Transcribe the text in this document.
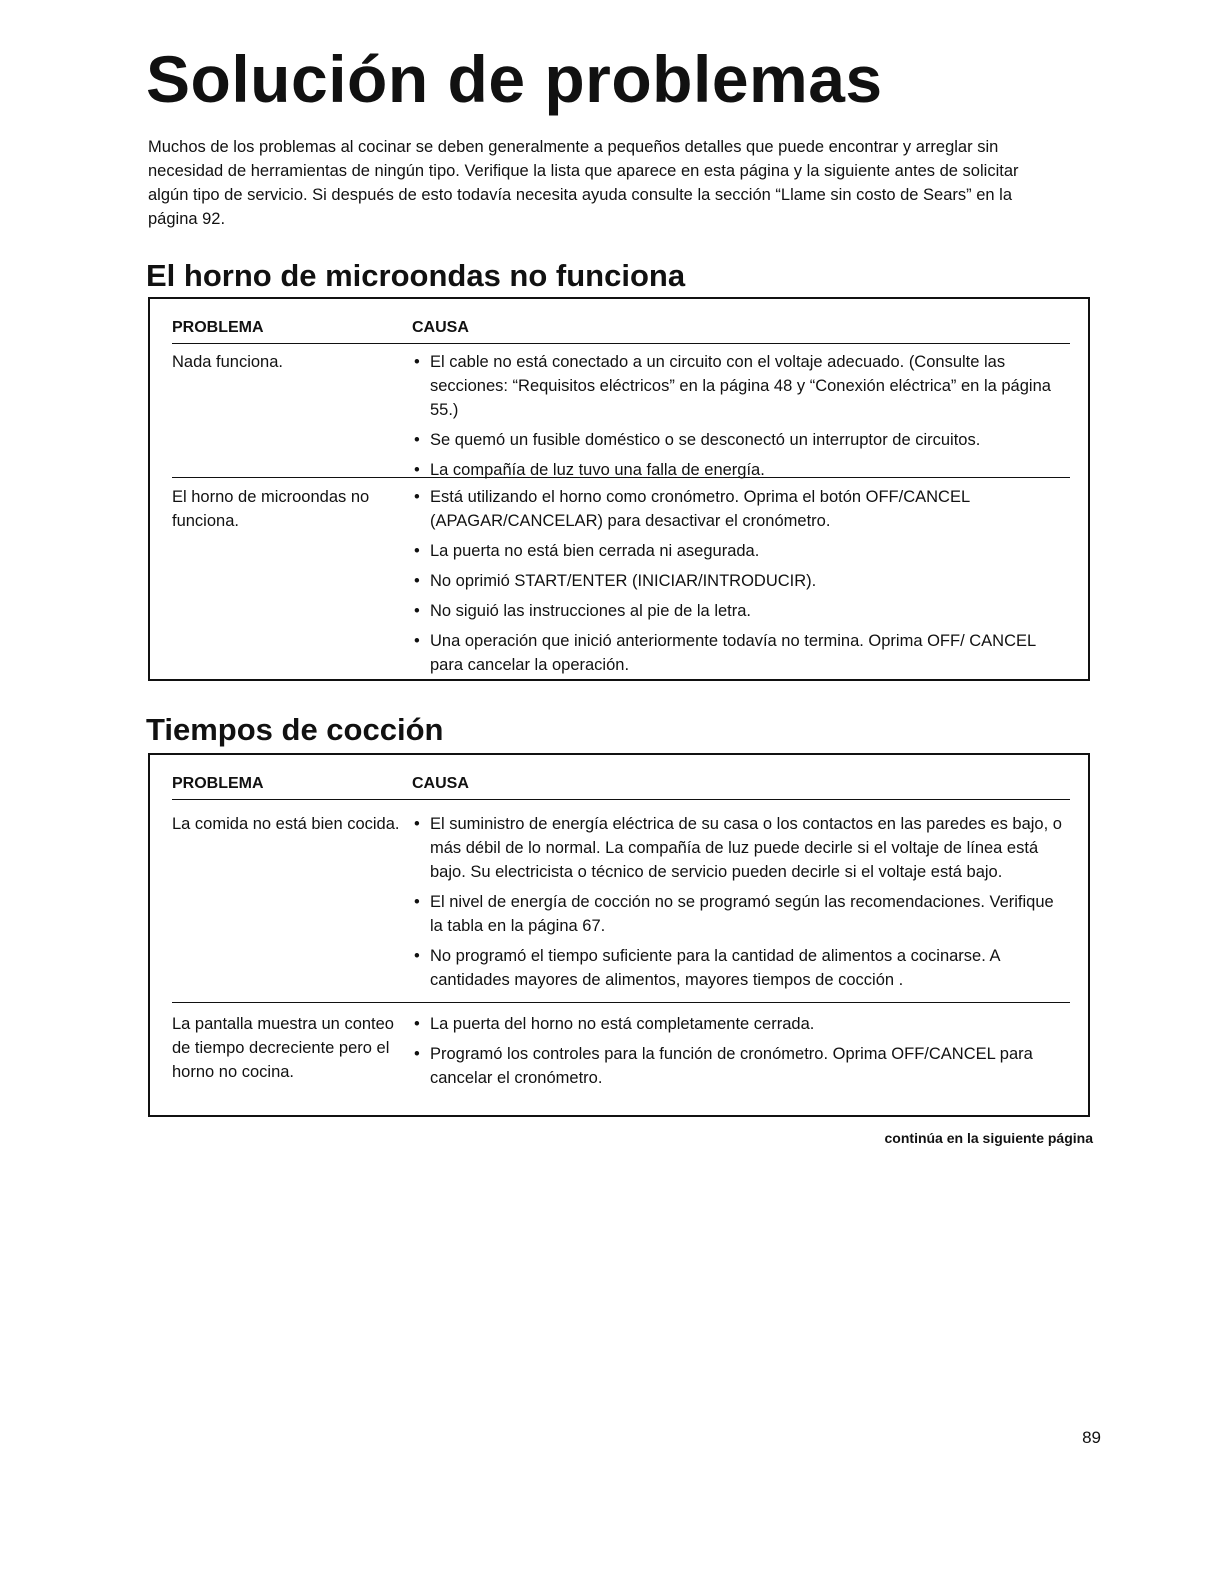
Solución de problemas

Muchos de los problemas al cocinar se deben generalmente a pequeños detalles que puede encontrar y arreglar sin necesidad de herramientas de ningún tipo. Verifique la lista que aparece en esta página y la siguiente antes de solicitar algún tipo de servicio. Si después de esto todavía necesita ayuda consulte la sección “Llame sin costo de Sears” en la página 92.

El horno de microondas no funciona
PROBLEMA	CAUSA

Nada funciona.	• El cable no está conectado a un circuito con el voltaje adecuado. (Consulte las secciones: “Requisitos eléctricos” en la página 48 y “Conexión eléctrica” en la página 55.)
• Se quemó un fusible doméstico o se desconectó un interruptor de circuitos.
• La compañía de luz tuvo una falla de energía.

El horno de microondas no funciona.

• Está utilizando el horno como cronómetro. Oprima el botón OFF/CANCEL (APAGAR/CANCELAR) para desactivar el cronómetro.
• La puerta no está bien cerrada ni asegurada.
• No oprimió START/ENTER (INICIAR/INTRODUCIR).
• No siguió las instrucciones al pie de la letra.
• Una operación que inició anteriormente todavía no termina. Oprima OFF/ CANCEL para cancelar la operación.
Tiempos de cocción
PROBLEMA	CAUSA

La comida no está bien cocida.	• El suministro de energía eléctrica de su casa o los contactos en las paredes es bajo, o más débil de lo normal. La compañía de luz puede decirle si el voltaje de línea está bajo. Su electricista o técnico de servicio pueden decirle si el voltaje está bajo.
• El nivel de energía de cocción no se programó según las recomendaciones. Verifique la tabla en la página 67.
• No programó el tiempo suficiente para la cantidad de alimentos a cocinarse. A cantidades mayores de alimentos, mayores tiempos de cocción .

La pantalla muestra un conteo de tiempo decreciente pero el horno no cocina.

• La puerta del horno no está completamente cerrada.
• Programó los controles para la función de cronómetro. Oprima OFF/CANCEL para cancelar el cronómetro.

continúa en la siguiente página

89
